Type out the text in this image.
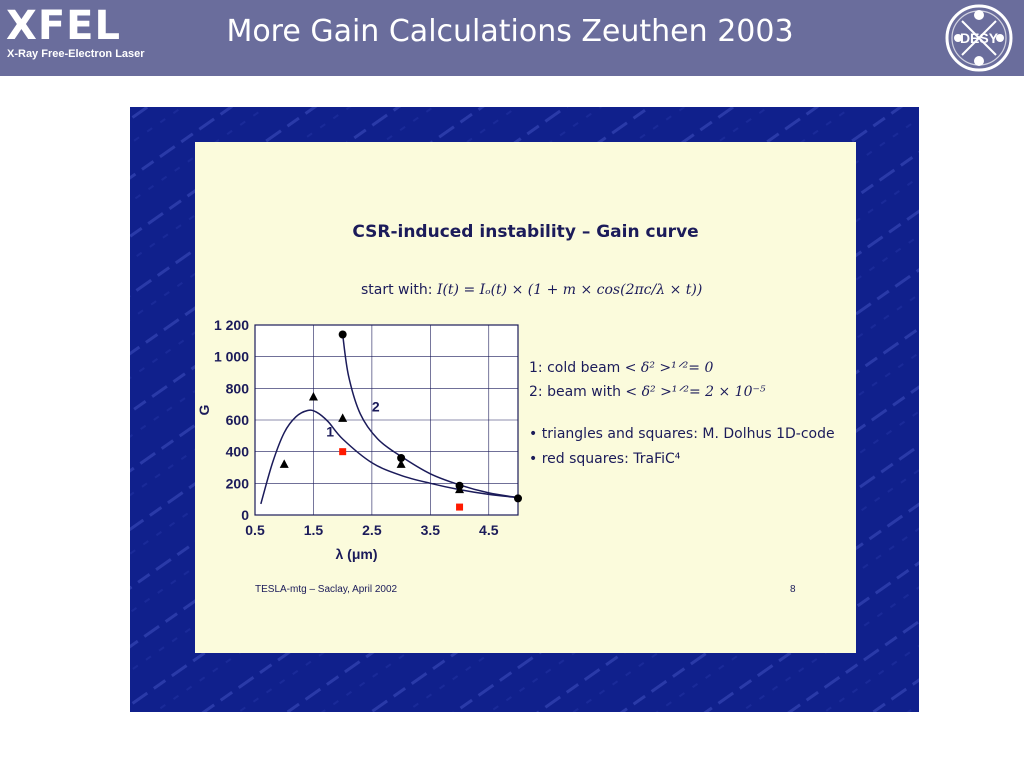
XFEL
X-Ray Free-Electron Laser
More Gain Calculations Zeuthen 2003	DESY
CSR-induced instability – Gain curve
start with: I(t) = Iₒ(t) × (1 + m × cos(2πc/λ × t))
0.5	1.5	2.5	3.5	4.5
0
200
400
600
800
1 000
1 200
λ (μm)
G
1
2
1: cold beam < δ² >¹ᐟ²= 0
2: beam with < δ² >¹ᐟ²= 2 × 10⁻⁵
• triangles and squares: M. Dolhus 1D-code
• red squares: TraFiC⁴
TESLA-mtg – Saclay, April 2002	8
